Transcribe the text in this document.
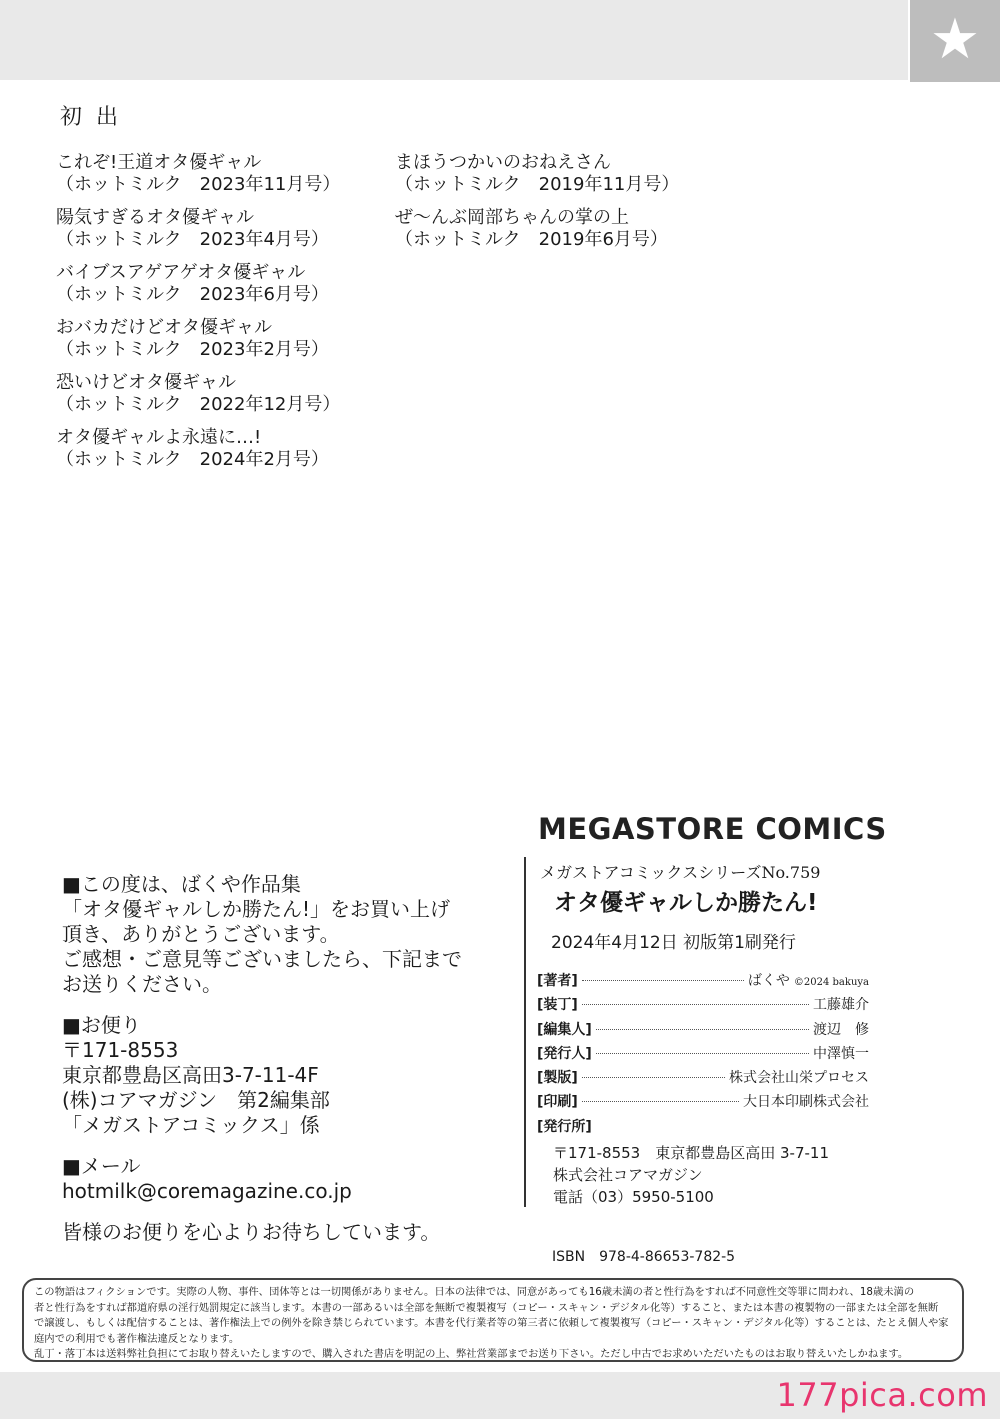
★
初出
これぞ!王道オタ優ギャル
（ホットミルク　2023年11月号）
陽気すぎるオタ優ギャル
（ホットミルク　2023年4月号）
バイブスアゲアゲオタ優ギャル
（ホットミルク　2023年6月号）
おバカだけどオタ優ギャル
（ホットミルク　2023年2月号）
恐いけどオタ優ギャル
（ホットミルク　2022年12月号）
オタ優ギャルよ永遠に…!
（ホットミルク　2024年2月号）
まほうつかいのおねえさん
（ホットミルク　2019年11月号）
ぜ〜んぶ岡部ちゃんの掌の上
（ホットミルク　2019年6月号）
■この度は、ばくや作品集
「オタ優ギャルしか勝たん!」をお買い上げ
頂き、ありがとうございます。
ご感想・ご意見等ございましたら、下記まで
お送りください。
■お便り
〒171-8553
東京都豊島区高田3-7-11-4F
(株)コアマガジン　第2編集部
「メガストアコミックス」係
■メール
hotmilk@coremagazine.co.jp
皆様のお便りを心よりお待ちしています。
MEGASTORE COMICS
メガストアコミックスシリーズNo.759
オタ優ギャルしか勝たん!
2024年4月12日 初版第1刷発行
[著者]	ばくや ©2024 bakuya
[装丁]	工藤雄介
[編集人]	渡辺　修
[発行人]	中澤慎一
[製版]	株式会社山栄プロセス
[印刷]	大日本印刷株式会社
[発行所]
〒171-8553　東京都豊島区高田 3-7-11
株式会社コアマガジン
電話（03）5950-5100
ISBN　978-4-86653-782-5
この物語はフィクションです。実際の人物、事件、団体等とは一切関係がありません。日本の法律では、同意があっても16歳未満の者と性行為をすれば不同意性交等罪に問われ、18歳未満の
者と性行為をすれば都道府県の淫行処罰規定に該当します。本書の一部あるいは全部を無断で複製複写（コピー・スキャン・デジタル化等）すること、または本書の複製物の一部または全部を無断
で譲渡し、もしくは配信することは、著作権法上での例外を除き禁じられています。本書を代行業者等の第三者に依頼して複製複写（コピー・スキャン・デジタル化等）することは、たとえ個人や家
庭内での利用でも著作権法違反となります。
乱丁・落丁本は送料弊社負担にてお取り替えいたしますので、購入された書店を明記の上、弊社営業部までお送り下さい。ただし中古でお求めいただいたものはお取り替えいたしかねます。
177pica.com
